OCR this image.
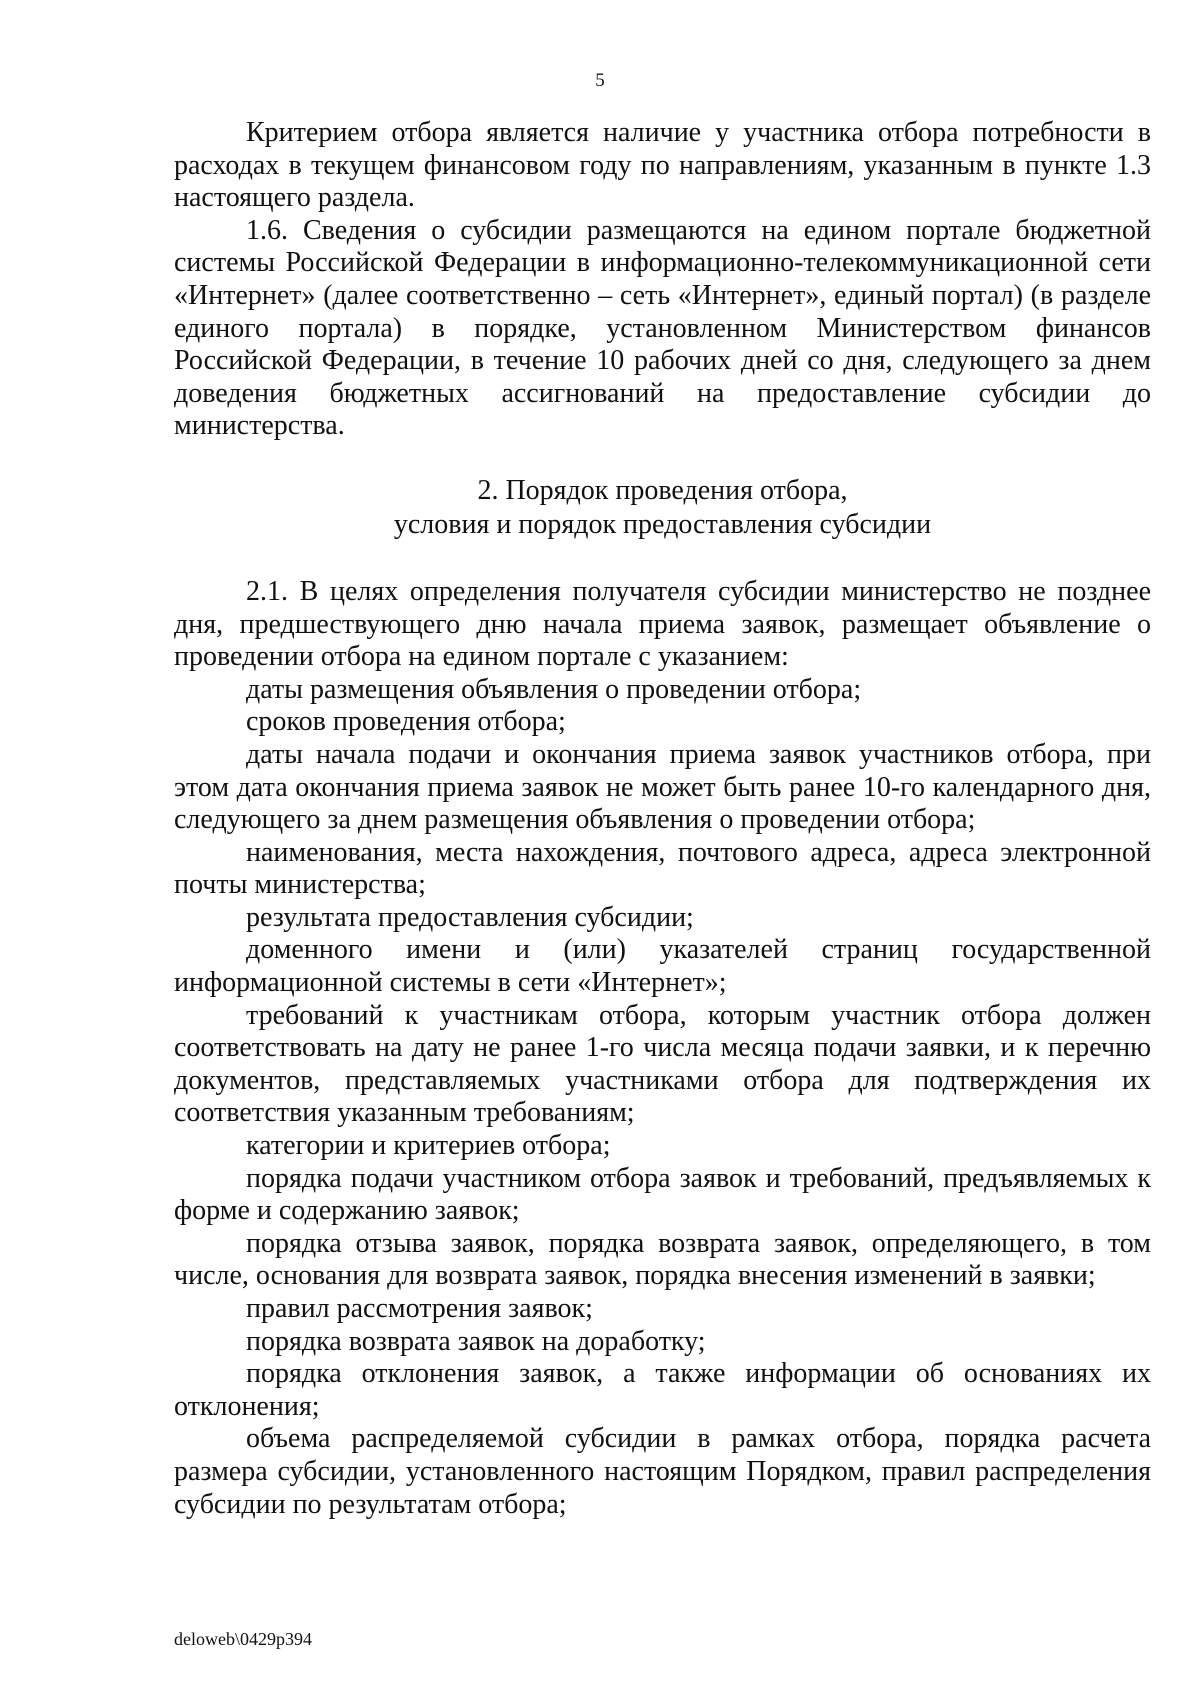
5

Критерием отбора является наличие у участника отбора потребности в расходах в текущем финансовом году по направлениям, указанным в пункте 1.3 настоящего раздела.

1.6. Сведения о субсидии размещаются на едином портале бюджетной системы Российской Федерации в информационно-телекоммуникационной сети «Интернет» (далее соответственно – сеть «Интернет», единый портал) (в разделе единого портала) в порядке, установленном Министерством финансов Российской Федерации, в течение 10 рабочих дней со дня, следующего за днем доведения бюджетных ассигнований на предоставление субсидии до министерства.

2. Порядок проведения отбора,
условия и порядок предоставления субсидии

2.1. В целях определения получателя субсидии министерство не позднее дня, предшествующего дню начала приема заявок, размещает объявление о проведении отбора на едином портале с указанием:

даты размещения объявления о проведении отбора;

сроков проведения отбора;

даты начала подачи и окончания приема заявок участников отбора, при этом дата окончания приема заявок не может быть ранее 10-го календарного дня, следующего за днем размещения объявления о проведении отбора;

наименования, места нахождения, почтового адреса, адреса электронной почты министерства;

результата предоставления субсидии;

доменного имени и (или) указателей страниц государственной информационной системы в сети «Интернет»;

требований к участникам отбора, которым участник отбора должен соответствовать на дату не ранее 1-го числа месяца подачи заявки, и к перечню документов, представляемых участниками отбора для подтверждения их соответствия указанным требованиям;

категории и критериев отбора;

порядка подачи участником отбора заявок и требований, предъявляемых к форме и содержанию заявок;

порядка отзыва заявок, порядка возврата заявок, определяющего, в том числе, основания для возврата заявок, порядка внесения изменений в заявки;

правил рассмотрения заявок;

порядка возврата заявок на доработку;

порядка отклонения заявок, а также информации об основаниях их отклонения;

объема распределяемой субсидии в рамках отбора, порядка расчета размера субсидии, установленного настоящим Порядком, правил распределения субсидии по результатам отбора;

deloweb\0429p394
